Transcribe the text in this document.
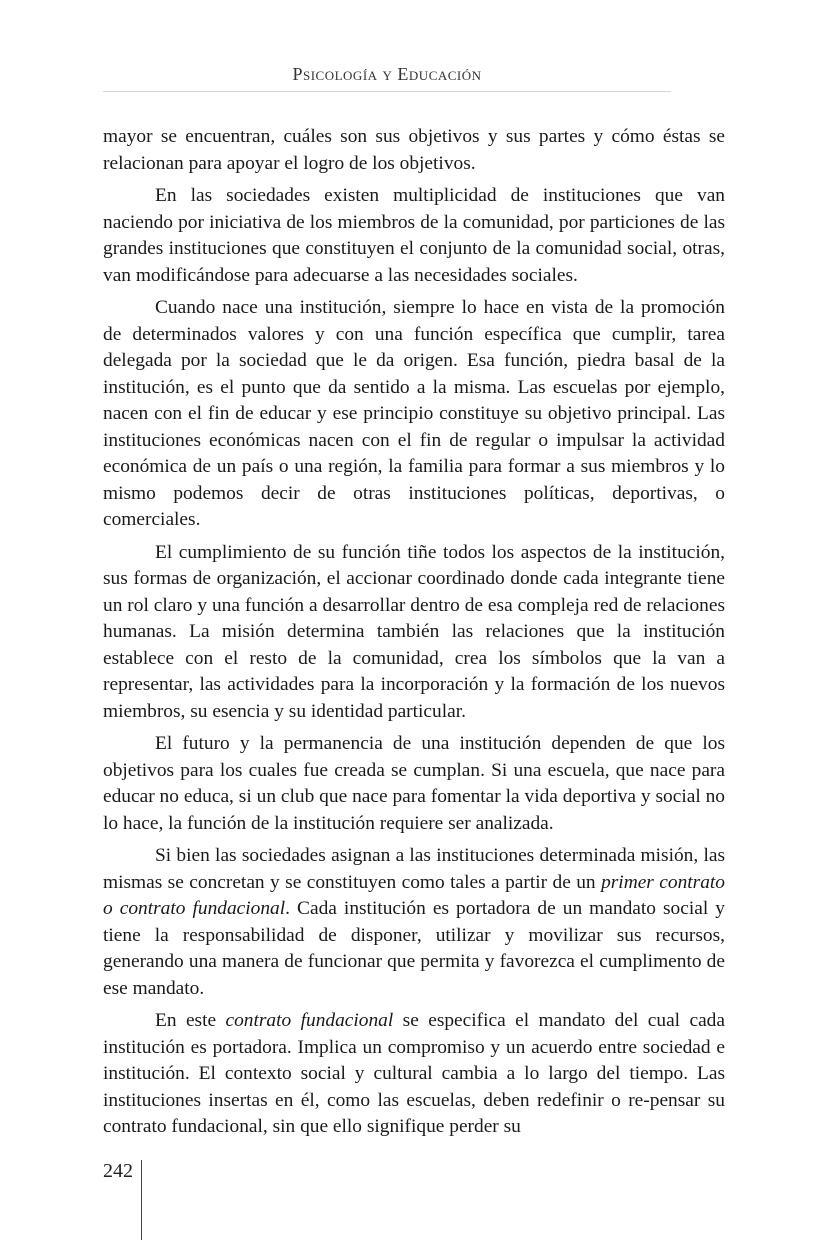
Psicología y Educación

mayor se encuentran, cuáles son sus objetivos y sus partes y cómo éstas se relacionan para apoyar el logro de los objetivos.

En las sociedades existen multiplicidad de instituciones que van naciendo por iniciativa de los miembros de la comunidad, por particiones de las grandes instituciones que constituyen el conjunto de la comunidad social, otras, van modificándose para adecuarse a las necesidades sociales.

Cuando nace una institución, siempre lo hace en vista de la promoción de determinados valores y con una función específica que cumplir, tarea delegada por la sociedad que le da origen. Esa función, piedra basal de la institución, es el punto que da sentido a la misma. Las escuelas por ejemplo, nacen con el fin de educar y ese principio constituye su objetivo principal. Las instituciones económicas nacen con el fin de regular o impulsar la actividad económica de un país o una región, la familia para formar a sus miembros y lo mismo podemos decir de otras instituciones políticas, deportivas, o comerciales.

El cumplimiento de su función tiñe todos los aspectos de la institución, sus formas de organización, el accionar coordinado donde cada integrante tiene un rol claro y una función a desarrollar dentro de esa compleja red de relaciones humanas. La misión determina también las relaciones que la institución establece con el resto de la comunidad, crea los símbolos que la van a representar, las actividades para la incorporación y la formación de los nuevos miembros, su esencia y su identidad particular.

El futuro y la permanencia de una institución dependen de que los objetivos para los cuales fue creada se cumplan. Si una escuela, que nace para educar no educa, si un club que nace para fomentar la vida deportiva y social no lo hace, la función de la institución requiere ser analizada.

Si bien las sociedades asignan a las instituciones determinada misión, las mismas se concretan y se constituyen como tales a partir de un primer contrato o contrato fundacional. Cada institución es portadora de un mandato social y tiene la responsabilidad de disponer, utilizar y movilizar sus recursos, generando una manera de funcionar que permita y favorezca el cumplimento de ese mandato.

En este contrato fundacional se especifica el mandato del cual cada institución es portadora. Implica un compromiso y un acuerdo entre sociedad e institución. El contexto social y cultural cambia a lo largo del tiempo. Las instituciones insertas en él, como las escuelas, deben redefinir o re-pensar su contrato fundacional, sin que ello signifique perder su

242
